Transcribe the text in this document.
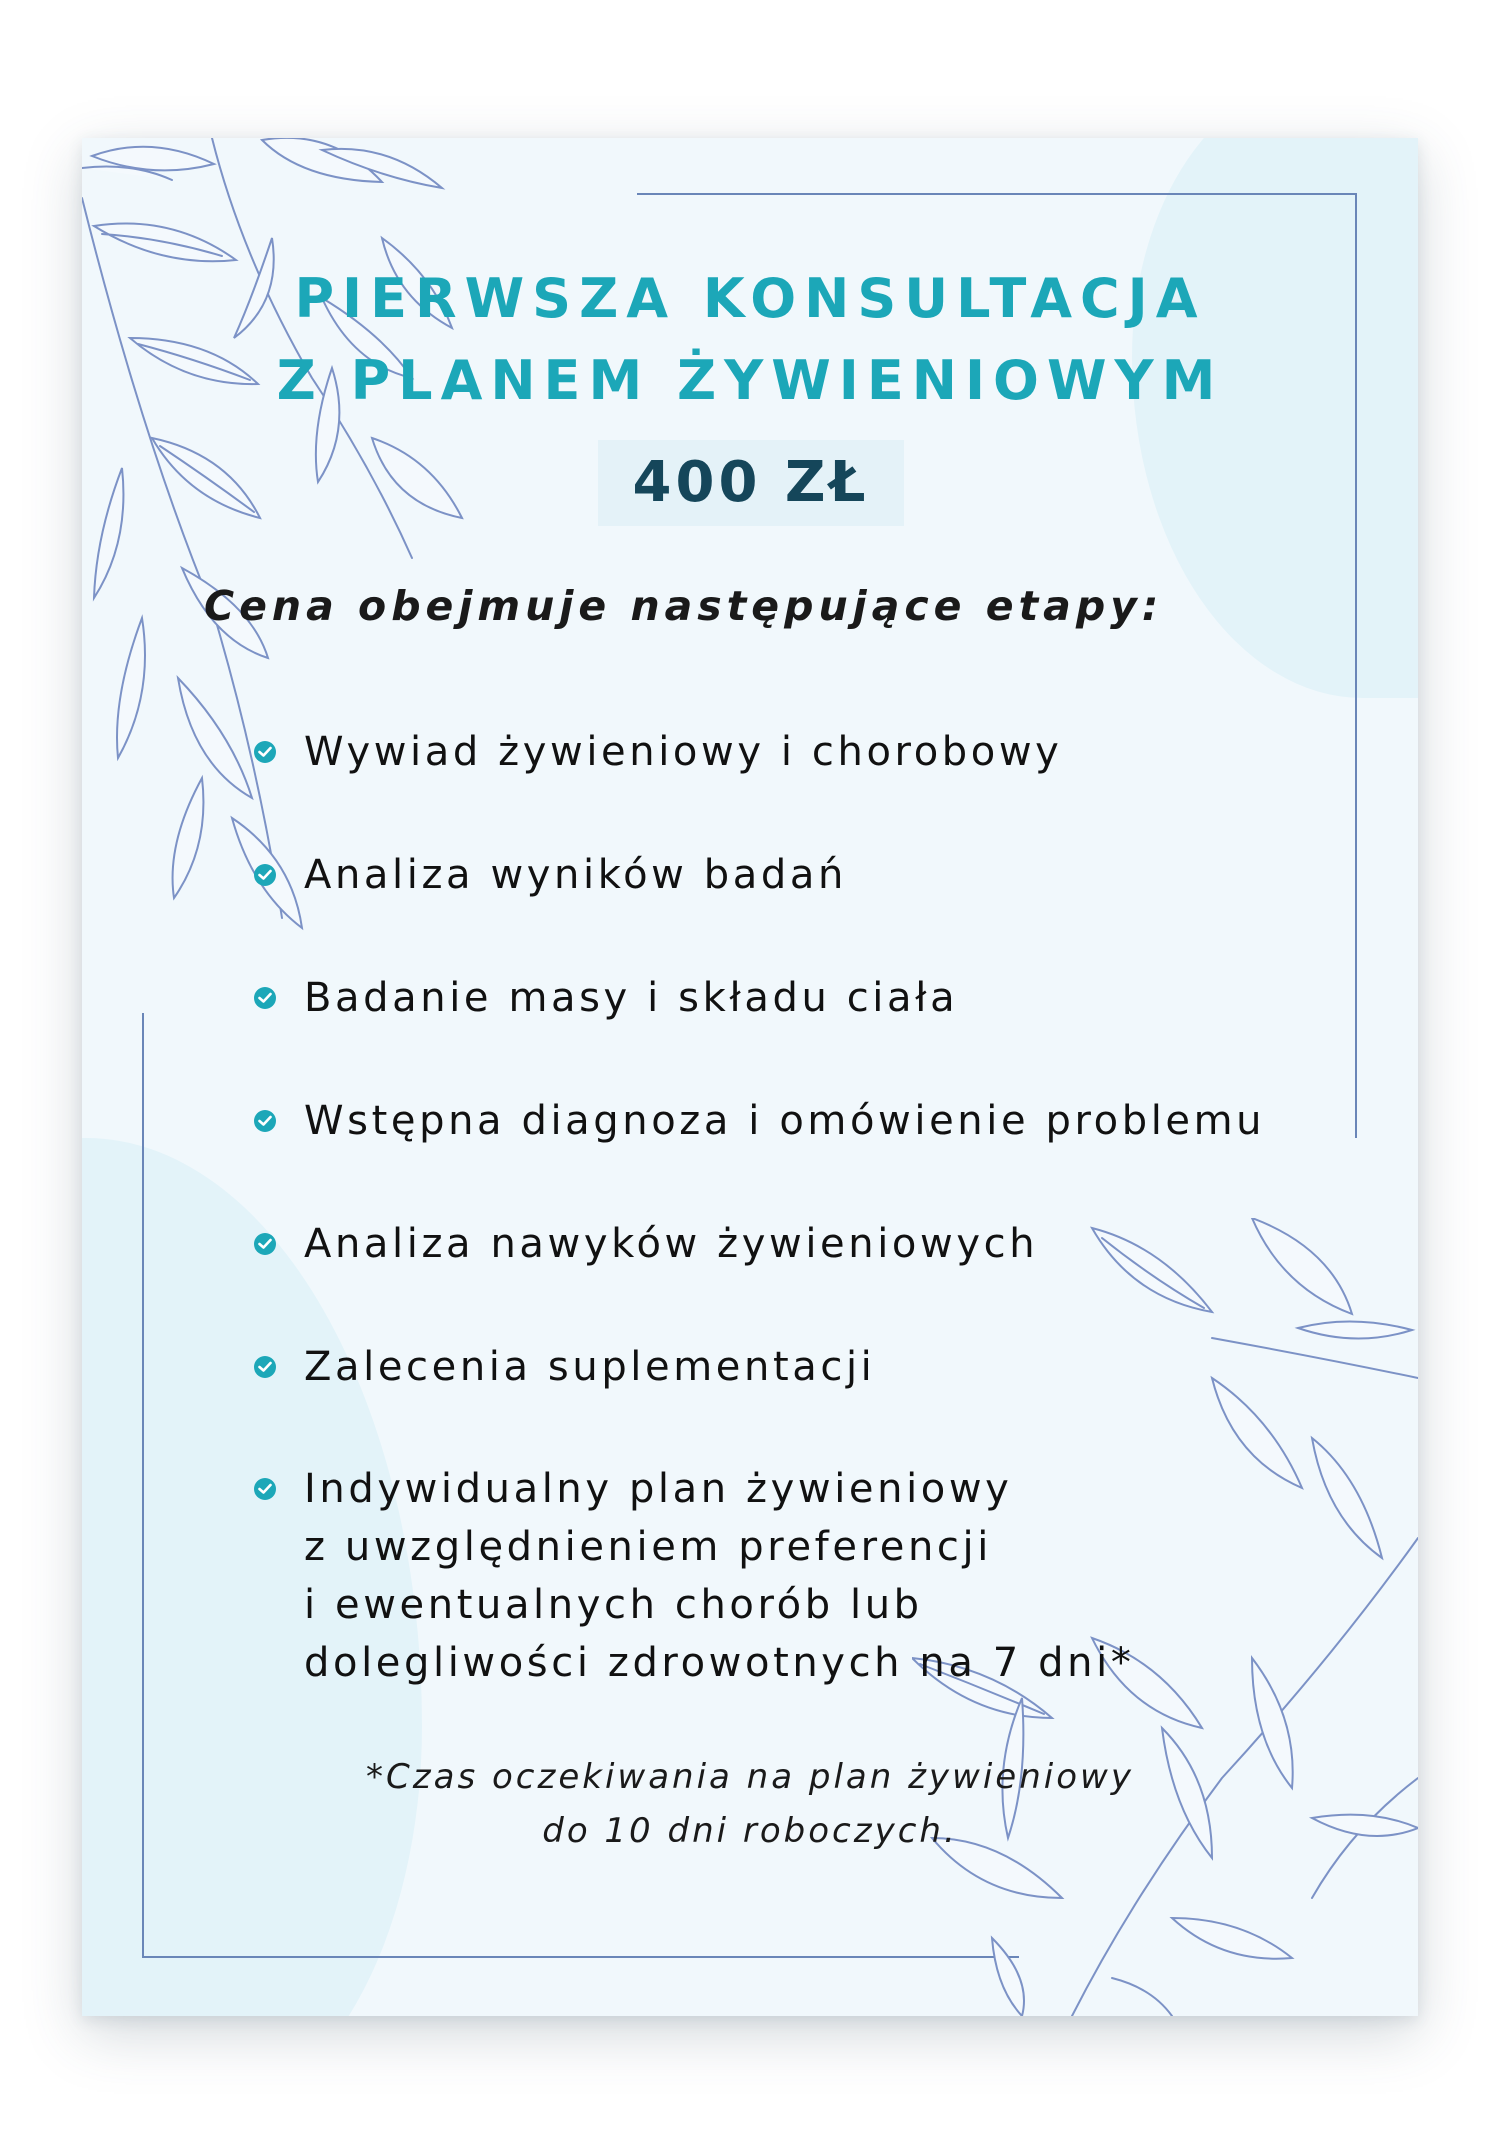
PIERWSZA KONSULTACJA
Z PLANEM ŻYWIENIOWYM
400 ZŁ
Cena obejmuje następujące etapy:
Wywiad żywieniowy i chorobowy
Analiza wyników badań
Badanie masy i składu ciała
Wstępna diagnoza i omówienie problemu
Analiza nawyków żywieniowych
Zalecenia suplementacji
Indywidualny plan żywieniowy
z uwzględnieniem preferencji
i ewentualnych chorób lub
dolegliwości zdrowotnych na 7 dni*
*Czas oczekiwania na plan żywieniowy
do 10 dni roboczych.
